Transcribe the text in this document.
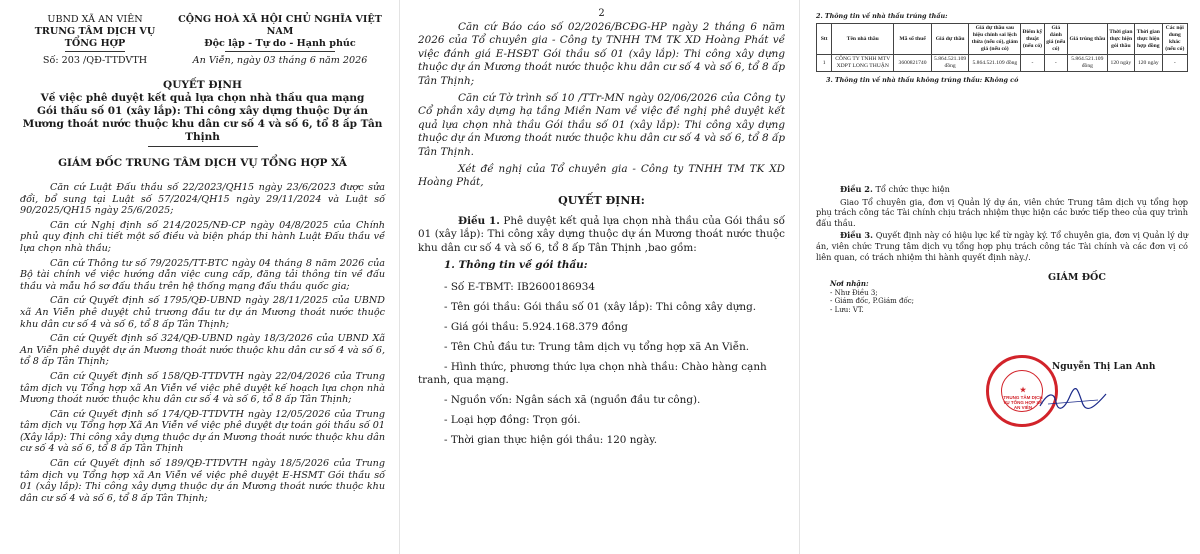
UBND XÃ AN VIÊN
TRUNG TÂM DỊCH VỤ TỔNG HỢP
Số: 203 /QĐ-TTDVTH
CỘNG HOÀ XÃ HỘI CHỦ NGHĨA VIỆT NAM
Độc lập - Tự do - Hạnh phúc
An Viễn, ngày 03 tháng 6 năm 2026
QUYẾT ĐỊNH
Về việc phê duyệt kết quả lựa chọn nhà thầu qua mạng
Gói thầu số 01 (xây lắp): Thi công xây dựng thuộc Dự án
Mương thoát nước thuộc khu dân cư số 4 và số 6, tổ 8 ấp Tân Thịnh
GIÁM ĐỐC TRUNG TÂM DỊCH VỤ TỔNG HỢP XÃ

Căn cứ Luật Đấu thầu số 22/2023/QH15 ngày 23/6/2023 được sửa đổi, bổ sung tại Luật số 57/2024/QH15 ngày 29/11/2024 và Luật số 90/2025/QH15 ngày 25/6/2025;

Căn cứ Nghị định số 214/2025/NĐ-CP ngày 04/8/2025 của Chính phủ quy định chi tiết một số điều và biện pháp thi hành Luật Đấu thầu về lựa chọn nhà thầu;

Căn cứ Thông tư số 79/2025/TT-BTC ngày 04 tháng 8 năm 2026 của Bộ tài chính về việc hướng dẫn việc cung cấp, đăng tải thông tin về đấu thầu và mẫu hồ sơ đấu thầu trên hệ thống mạng đấu thầu quốc gia;

Căn cứ Quyết định số 1795/QĐ-UBND ngày 28/11/2025 của UBND xã An Viễn phê duyệt chủ trương đầu tư dự án Mương thoát nước thuộc khu dân cư số 4 và số 6, tổ 8 ấp Tân Thịnh;

Căn cứ Quyết định số 324/QĐ-UBND ngày 18/3/2026 của UBND Xã An Viễn phê duyệt dự án Mương thoát nước thuộc khu dân cư số 4 và số 6, tổ 8 ấp Tân Thịnh;

Căn cứ Quyết định số 158/QĐ-TTDVTH ngày 22/04/2026 của Trung tâm dịch vụ Tổng hợp xã An Viễn về việc phê duyệt kế hoạch lựa chọn nhà Mương thoát nước thuộc khu dân cư số 4 và số 6, tổ 8 ấp Tân Thịnh;

Căn cứ Quyết định số 174/QĐ-TTDVTH ngày 12/05/2026 của Trung tâm dịch vụ Tổng hợp Xã An Viễn về việc phê duyệt dự toán gói thầu số 01 (Xây lắp): Thi công xây dựng thuộc dự án Mương thoát nước thuộc khu dân cư số 4 và số 6, tổ 8 ấp Tân Thịnh

Căn cứ Quyết định số 189/QĐ-TTDVTH ngày 18/5/2026 của Trung tâm dịch vụ Tổng hợp xã An Viễn về việc phê duyệt E-HSMT Gói thầu số 01 (xây lắp): Thi công xây dựng thuộc dự án Mương thoát nước thuộc khu dân cư số 4 và số 6, tổ 8 ấp Tân Thịnh;

2

Căn cứ Báo cáo số 02/2026/BCĐG-HP ngày 2 tháng 6 năm 2026 của Tổ chuyên gia - Công ty TNHH TM TK XD Hoàng Phát về việc đánh giá E-HSĐT Gói thầu số 01 (xây lắp): Thi công xây dựng thuộc dự án Mương thoát nước thuộc khu dân cư số 4 và số 6, tổ 8 ấp Tân Thịnh;

Căn cứ Tờ trình số 10 /TTr-MN ngày 02/06/2026 của Công ty Cổ phần xây dựng hạ tầng Miền Nam về việc đề nghị phê duyệt kết quả lựa chọn nhà thầu Gói thầu số 01 (xây lắp): Thi công xây dựng thuộc dự án Mương thoát nước thuộc khu dân cư số 4 và số 6, tổ 8 ấp Tân Thịnh.

Xét đề nghị của Tổ chuyên gia - Công ty TNHH TM TK XD Hoàng Phát,

QUYẾT ĐỊNH:

Điều 1. Phê duyệt kết quả lựa chọn nhà thầu của Gói thầu số 01 (xây lắp): Thi công xây dựng thuộc dự án Mương thoát nước thuộc khu dân cư số 4 và số 6, tổ 8 ấp Tân Thịnh ,bao gồm:

1. Thông tin về gói thầu:
- Số E-TBMT: IB2600186934
- Tên gói thầu: Gói thầu số 01 (xây lắp): Thi công xây dựng.
- Giá gói thầu: 5.924.168.379 đồng
- Tên Chủ đầu tư: Trung tâm dịch vụ tổng hợp xã An Viễn.
- Hình thức, phương thức lựa chọn nhà thầu: Chào hàng cạnh tranh, qua mạng.
- Nguồn vốn: Ngân sách xã (nguồn đầu tư công).
- Loại hợp đồng: Trọn gói.
- Thời gian thực hiện gói thầu: 120 ngày.
2. Thông tin về nhà thầu trúng thầu:
Stt	Tên nhà thầu	Mã số thuế	Giá dự thầu	Giá dự thầu sau hiệu chỉnh sai lệch thừa (nếu có), giảm giá (nếu có)	Điểm kỹ thuật (nếu có)	Giá đánh giá (nếu có)	Giá trúng thầu	Thời gian thực hiện gói thầu	Thời gian thực hiện hợp đồng	Các nội dung khác (nếu có)
1	CÔNG TY TNHH MTV XDPT LONG THUẬN	3600821740	5.864.521.109 đồng	5.864.521.109 đồng	-	-	5.864.521.109 đồng	120 ngày	120 ngày	-
3. Thông tin về nhà thầu không trúng thầu: Không có

Điều 2. Tổ chức thực hiện

Giao Tổ chuyên gia, đơn vị Quản lý dự án, viên chức Trung tâm dịch vụ tổng hợp phụ trách công tác Tài chính chịu trách nhiệm thực hiện các bước tiếp theo của quy trình đấu thầu.

Điều 3. Quyết định này có hiệu lực kể từ ngày ký. Tổ chuyên gia, đơn vị Quản lý dự án, viên chức Trung tâm dịch vụ tổng hợp phụ trách công tác Tài chính và các đơn vị có liên quan, có trách nhiệm thi hành quyết định này./.

Nơi nhận:
- Như Điều 3;
- Giám đốc, P.Giám đốc;
- Lưu: VT.
GIÁM ĐỐC
Nguyễn Thị Lan Anh
★
TRUNG TÂM DỊCH VỤ TỔNG HỢP XÃ AN VIỄN
